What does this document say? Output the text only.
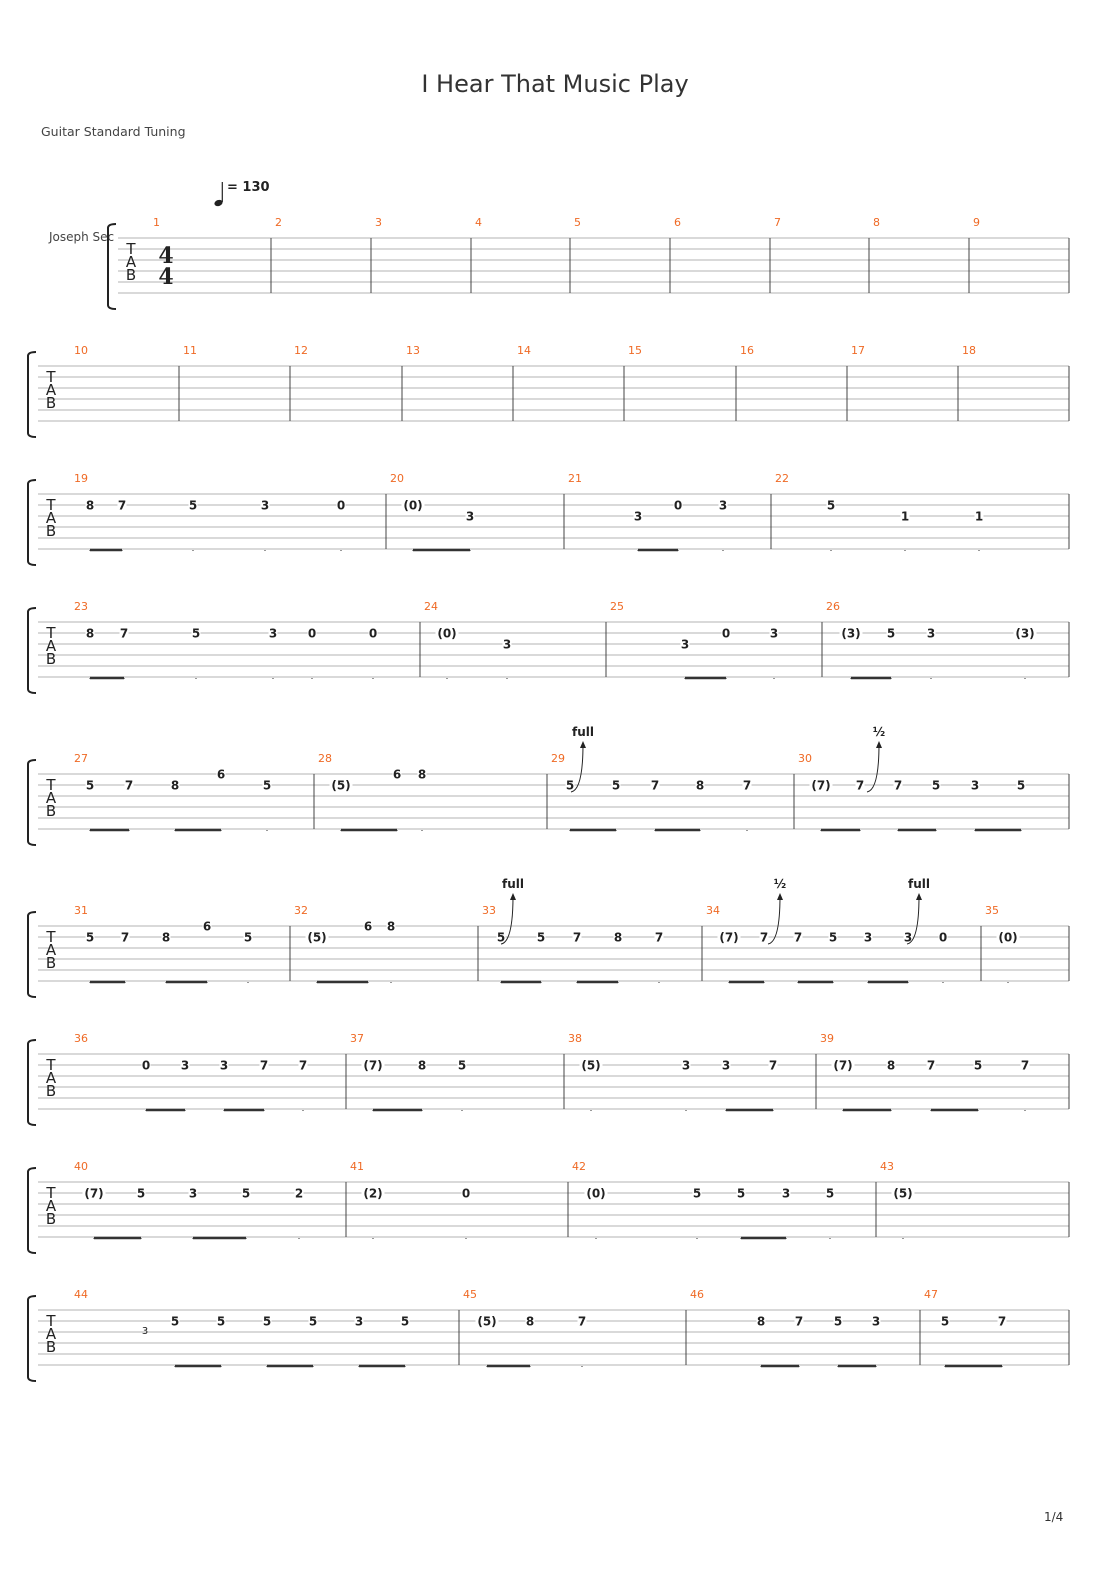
I Hear That Music Play
Guitar Standard Tuning
= 130
Joseph Sec
1/4
T
A
B
4
4
1	2	3	4	5	6	7	8	9
T
A
B
10	11	12	13	14	15	16	17	18
T
A
B
19
8 7	5	3	0
20
(0)
3
21
3
0	3
22
5
1	1
T
A
B
23
8 7	5	3	0	0
24
(0)
3
25
3
0	3
26
(3) 5	3	(3)
T
A
B
27
5	7	8
6
5
28
(5)
6 8
29
5	5	7	8	7
30
(7) 7 7 5	3	5
T
A
B
31
5 7	8
6
5
32
(5)
6 8
33
5	5 7	8	7
34
(7) 7 7 5 3	3 0
35
(0)
T
A
B
36
0	3	3	7	7
37
(7)	8	5
38
(5)	3	3	7
39
(7)	8	7	5	7
T
A
B
40
(7)	5	3	5	2
41
(2)	0
42
(0)	5	5	3	5
43
(5)
T
A
B
44
5	5	5	5	3	5
45
(5) 8	7
46
8 7	5 3
47
5	7
full	½
full	½	full
3
